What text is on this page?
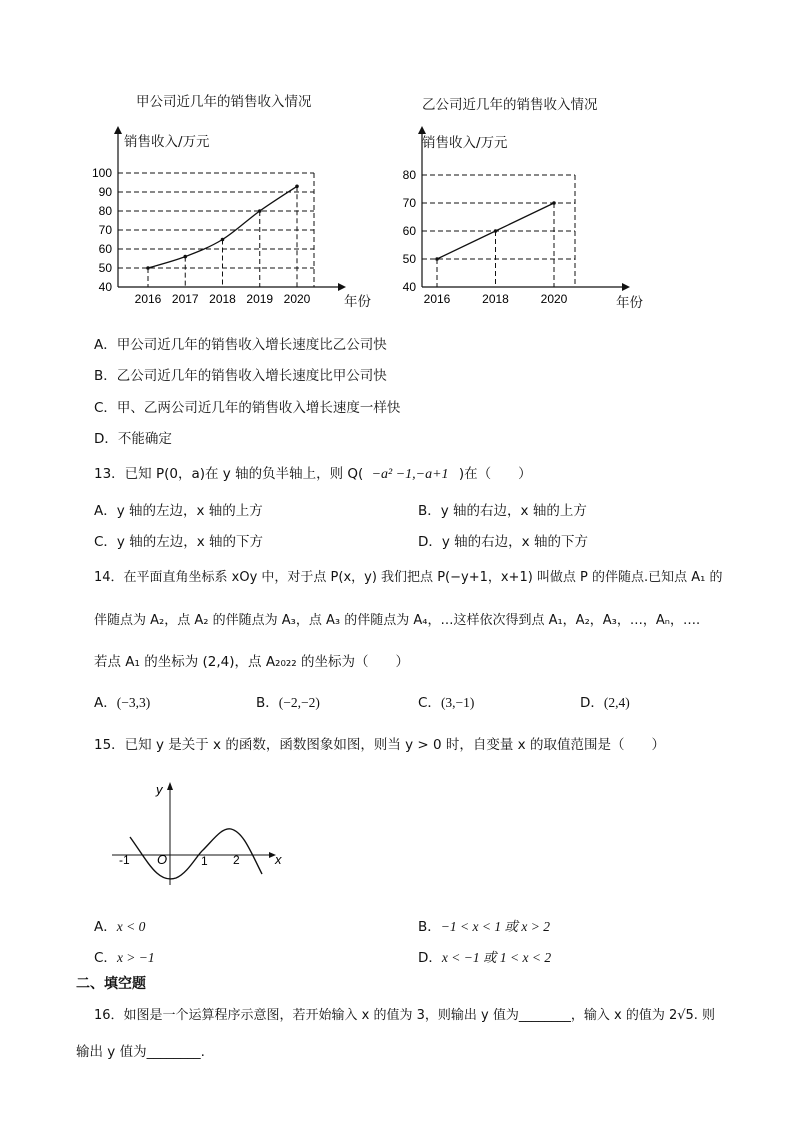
甲公司近几年的销售收入情况
销售收入/万元
年份
100
90
80
70
60
50
40
2016 2017 2018 2019 2020
乙公司近几年的销售收入情况
销售收入/万元
年份
80
70
60
50
40
2016	2018	2020
A．甲公司近几年的销售收入增长速度比乙公司快
B．乙公司近几年的销售收入增长速度比甲公司快
C．甲、乙两公司近几年的销售收入增长速度一样快
D．不能确定
13．已知 P(0，a)在 y 轴的负半轴上，则 Q( −a² −1,−a+1 )在（　　）
A．y 轴的左边，x 轴的上方	B．y 轴的右边，x 轴的上方
C．y 轴的左边，x 轴的下方	D．y 轴的右边，x 轴的下方
14．在平面直角坐标系 xOy 中，对于点 P(x，y) 我们把点 P(−y+1，x+1) 叫做点 P 的伴随点.已知点 A₁ 的
伴随点为 A₂，点 A₂ 的伴随点为 A₃，点 A₃ 的伴随点为 A₄，…这样依次得到点 A₁，A₂，A₃，…，Aₙ，….
若点 A₁ 的坐标为 (2,4)，点 A₂₀₂₂ 的坐标为（　　）
A．(−3,3)	B．(−2,−2)	C．(3,−1)	D．(2,4)
15．已知 y 是关于 x 的函数，函数图象如图，则当 y > 0 时，自变量 x 的取值范围是（　　）
y
x
O
-1	1 2
A．x < 0	B．−1 < x < 1 或 x > 2
C．x > −1	D．x < −1 或 1 < x < 2
二、填空题
16．如图是一个运算程序示意图，若开始输入 x 的值为 3，则输出 y 值为________，输入 x 的值为 2√5. 则
输出 y 值为________.
